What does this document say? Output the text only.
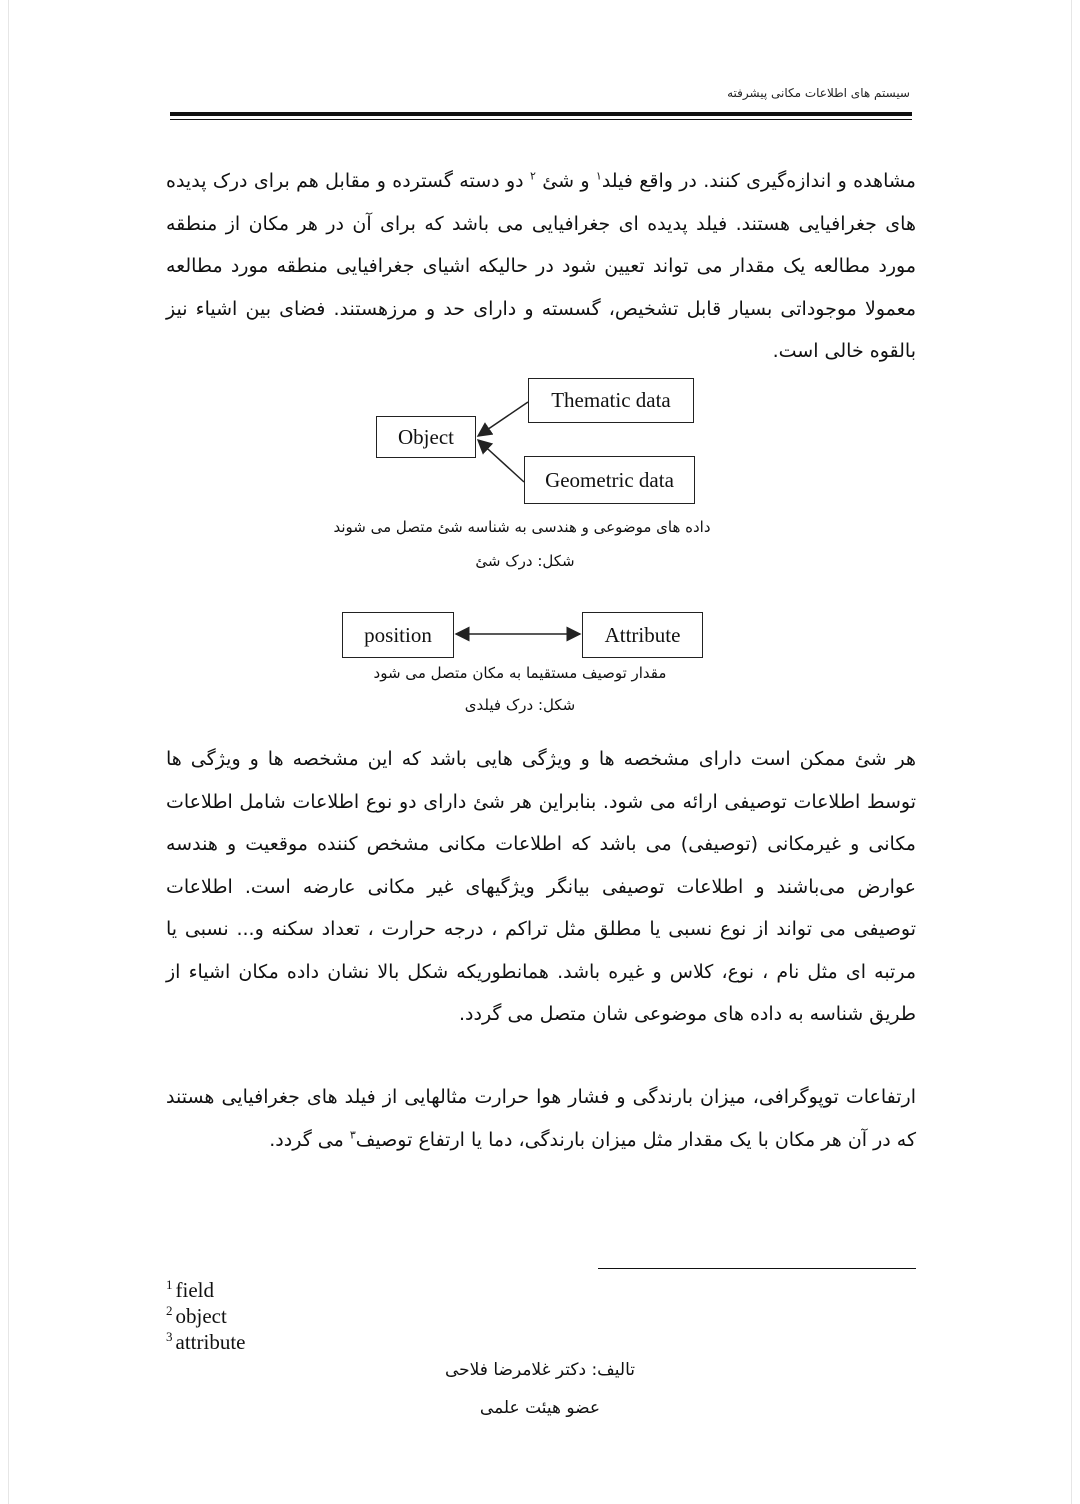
سیستم های اطلاعات مکانی پیشرفته

مشاهده و اندازه‌گیری کنند. در واقع فیلد$^۱$ و شئ $^۲$ دو دسته گسترده و مقابل هم برای درک پدیده های جغرافیایی هستند. فیلد پدیده ای جغرافیایی می باشد که برای آن در هر مکان از منطقه مورد مطالعه یک مقدار می تواند تعیین شود در حالیکه اشیای جغرافیایی منطقه مورد مطالعه معمولا موجوداتی بسیار قابل تشخیص، گسسته و دارای حد و مرزهستند. فضای بین اشیاء نیز بالقوه خالی است.

Object
Thematic data
Geometric data
داده های موضوعی و هندسی به شناسه شئ متصل می شوند
شکل: درک شئ
position	Attribute
مقدار توصیف مستقیما به مکان متصل می شود
شکل: درک فیلدی

هر شئ ممکن است دارای مشخصه ها و ویژگی هایی باشد که این مشخصه ها و ویژگی ها توسط اطلاعات توصیفی ارائه می شود. بنابراین هر شئ دارای دو نوع اطلاعات شامل اطلاعات مکانی و غیرمکانی (توصیفی) می باشد که اطلاعات مکانی مشخص کننده موقعیت و هندسه عوارض می‌باشند و اطلاعات توصیفی بیانگر ویژگیهای غیر مکانی عارضه است. اطلاعات توصیفی می تواند از نوع نسبی یا مطلق مثل تراکم ، درجه حرارت ، تعداد سکنه و... نسبی یا مرتبه ای مثل نام ، نوع، کلاس و غیره باشد. همانطوریکه شکل بالا نشان داده مکان اشیاء از طریق شناسه به داده های موضوعی شان متصل می گردد.

ارتفاعات توپوگرافی، میزان بارندگی و فشار هوا حرارت مثالهایی از فیلد های جغرافیایی هستند که در آن هر مکان با یک مقدار مثل میزان بارندگی، دما یا ارتفاع توصیف$^۳$ می گردد.

$^1$ field
$^2$ object
$^3$ attribute
تالیف: دکتر غلامرضا فلاحی
عضو هیئت علمی
